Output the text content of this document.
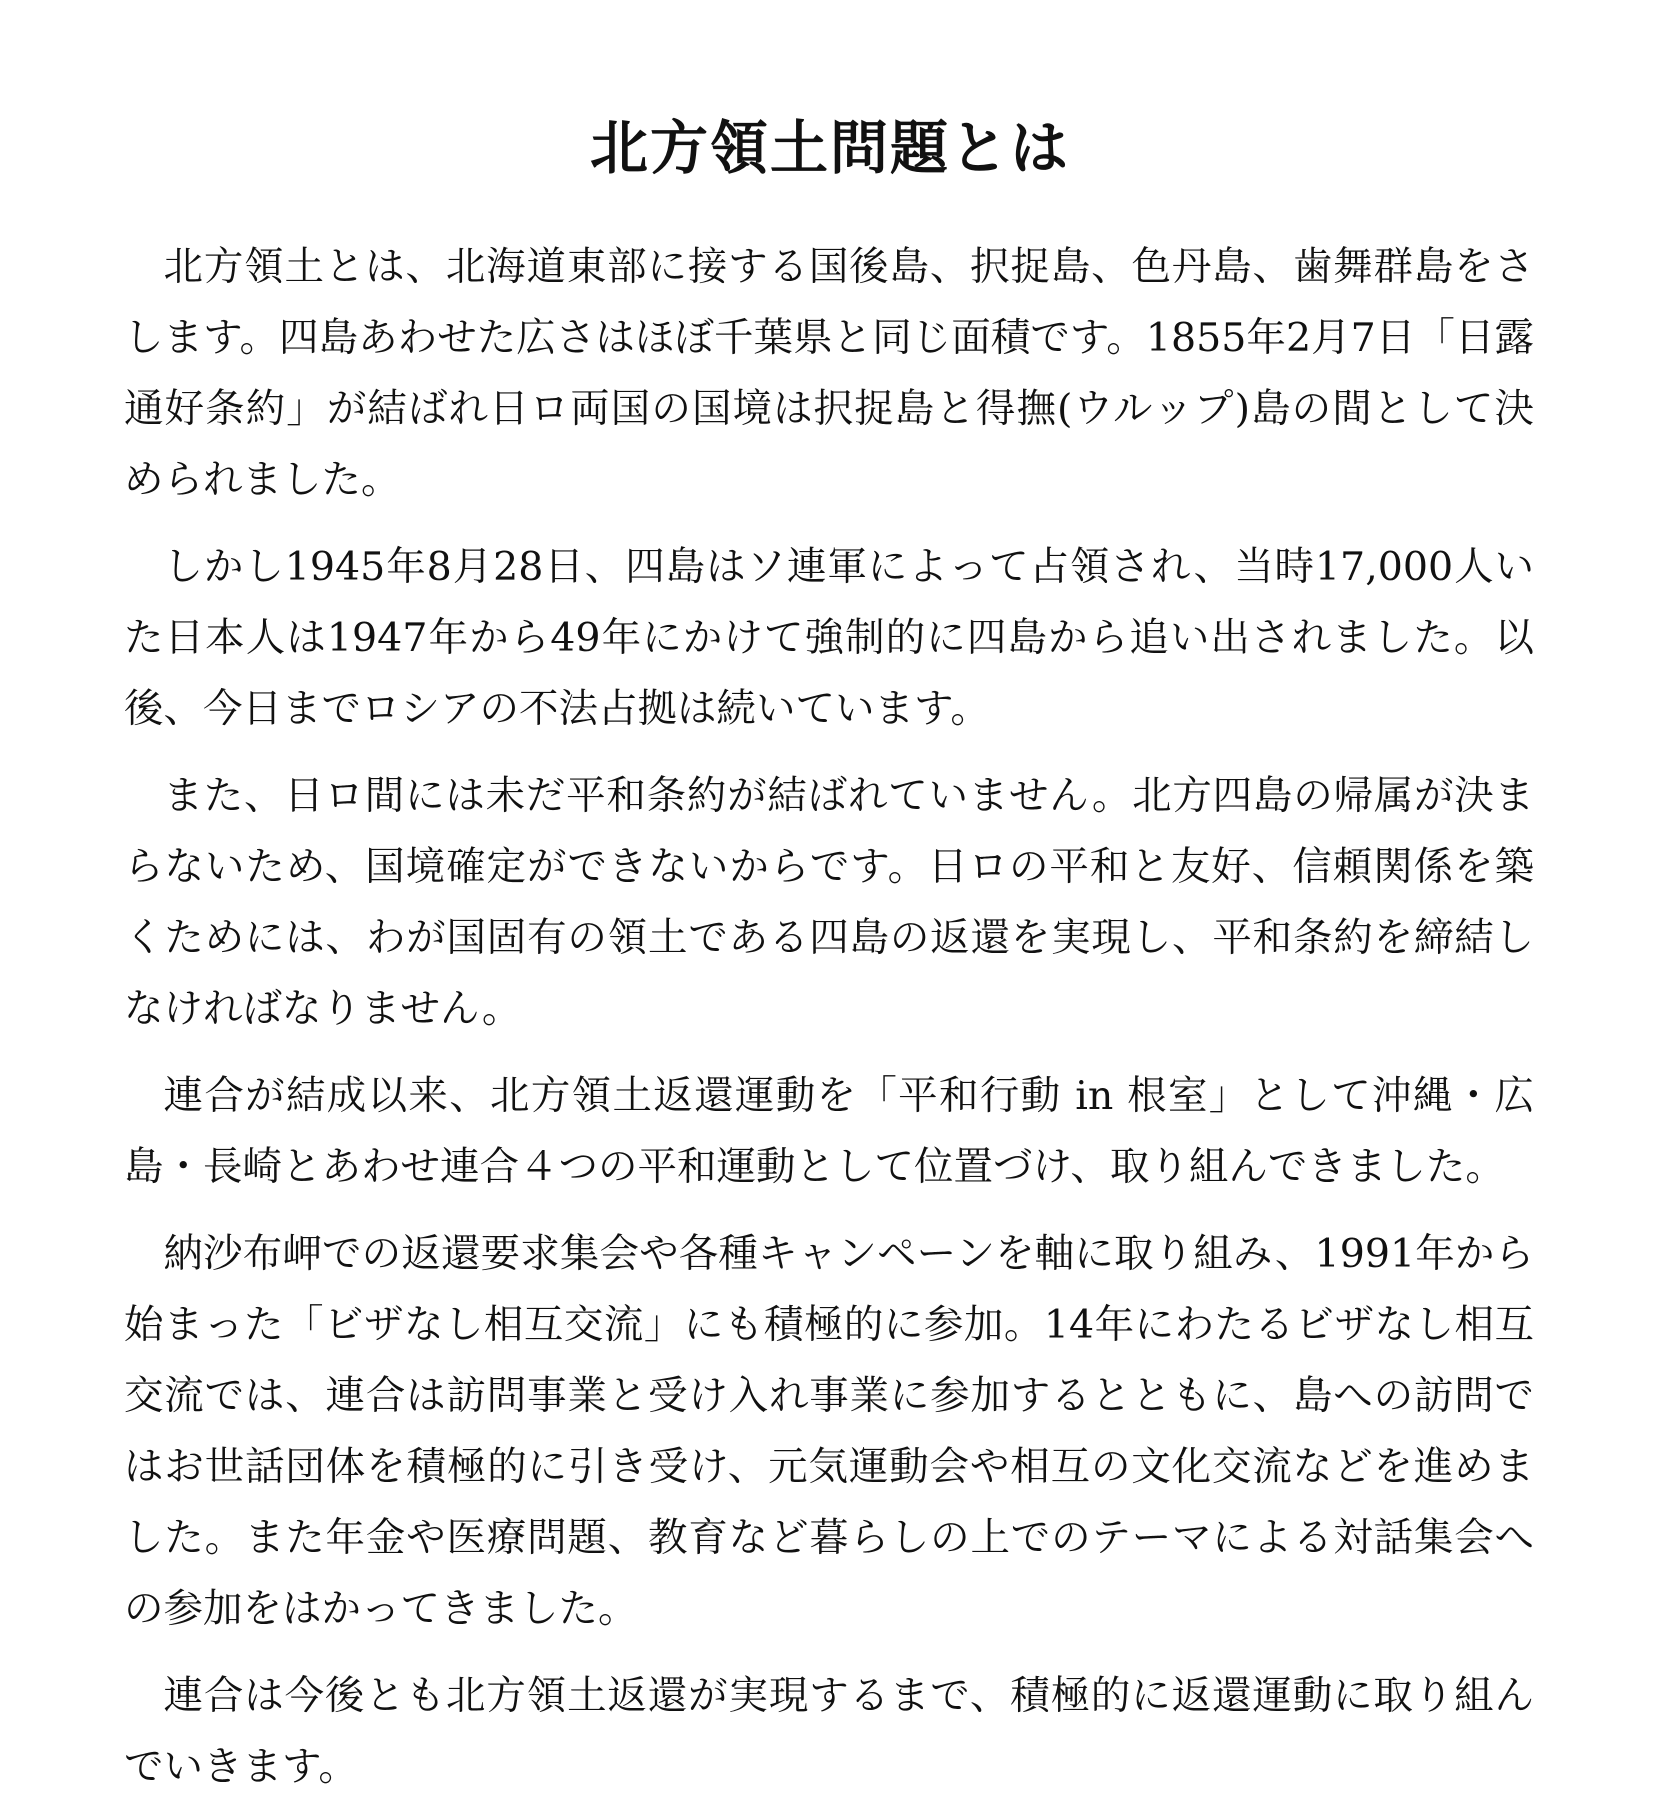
北方領土問題とは

北方領土とは、北海道東部に接する国後島、択捉島、色丹島、歯舞群島をさします。四島あわせた広さはほぼ千葉県と同じ面積です。1855年2月7日「日露通好条約」が結ばれ日ロ両国の国境は択捉島と得撫(ウルップ)島の間として決められました。

しかし1945年8月28日、四島はソ連軍によって占領され、当時17,000人いた日本人は1947年から49年にかけて強制的に四島から追い出されました。以後、今日までロシアの不法占拠は続いています。

また、日ロ間には未だ平和条約が結ばれていません。北方四島の帰属が決まらないため、国境確定ができないからです。日ロの平和と友好、信頼関係を築くためには、わが国固有の領土である四島の返還を実現し、平和条約を締結しなければなりません。

連合が結成以来、北方領土返還運動を「平和行動 in 根室」として沖縄・広島・長崎とあわせ連合４つの平和運動として位置づけ、取り組んできました。

納沙布岬での返還要求集会や各種キャンペーンを軸に取り組み、1991年から始まった「ビザなし相互交流」にも積極的に参加。14年にわたるビザなし相互交流では、連合は訪問事業と受け入れ事業に参加するとともに、島への訪問ではお世話団体を積極的に引き受け、元気運動会や相互の文化交流などを進めました。また年金や医療問題、教育など暮らしの上でのテーマによる対話集会への参加をはかってきました。

連合は今後とも北方領土返還が実現するまで、積極的に返還運動に取り組んでいきます。
